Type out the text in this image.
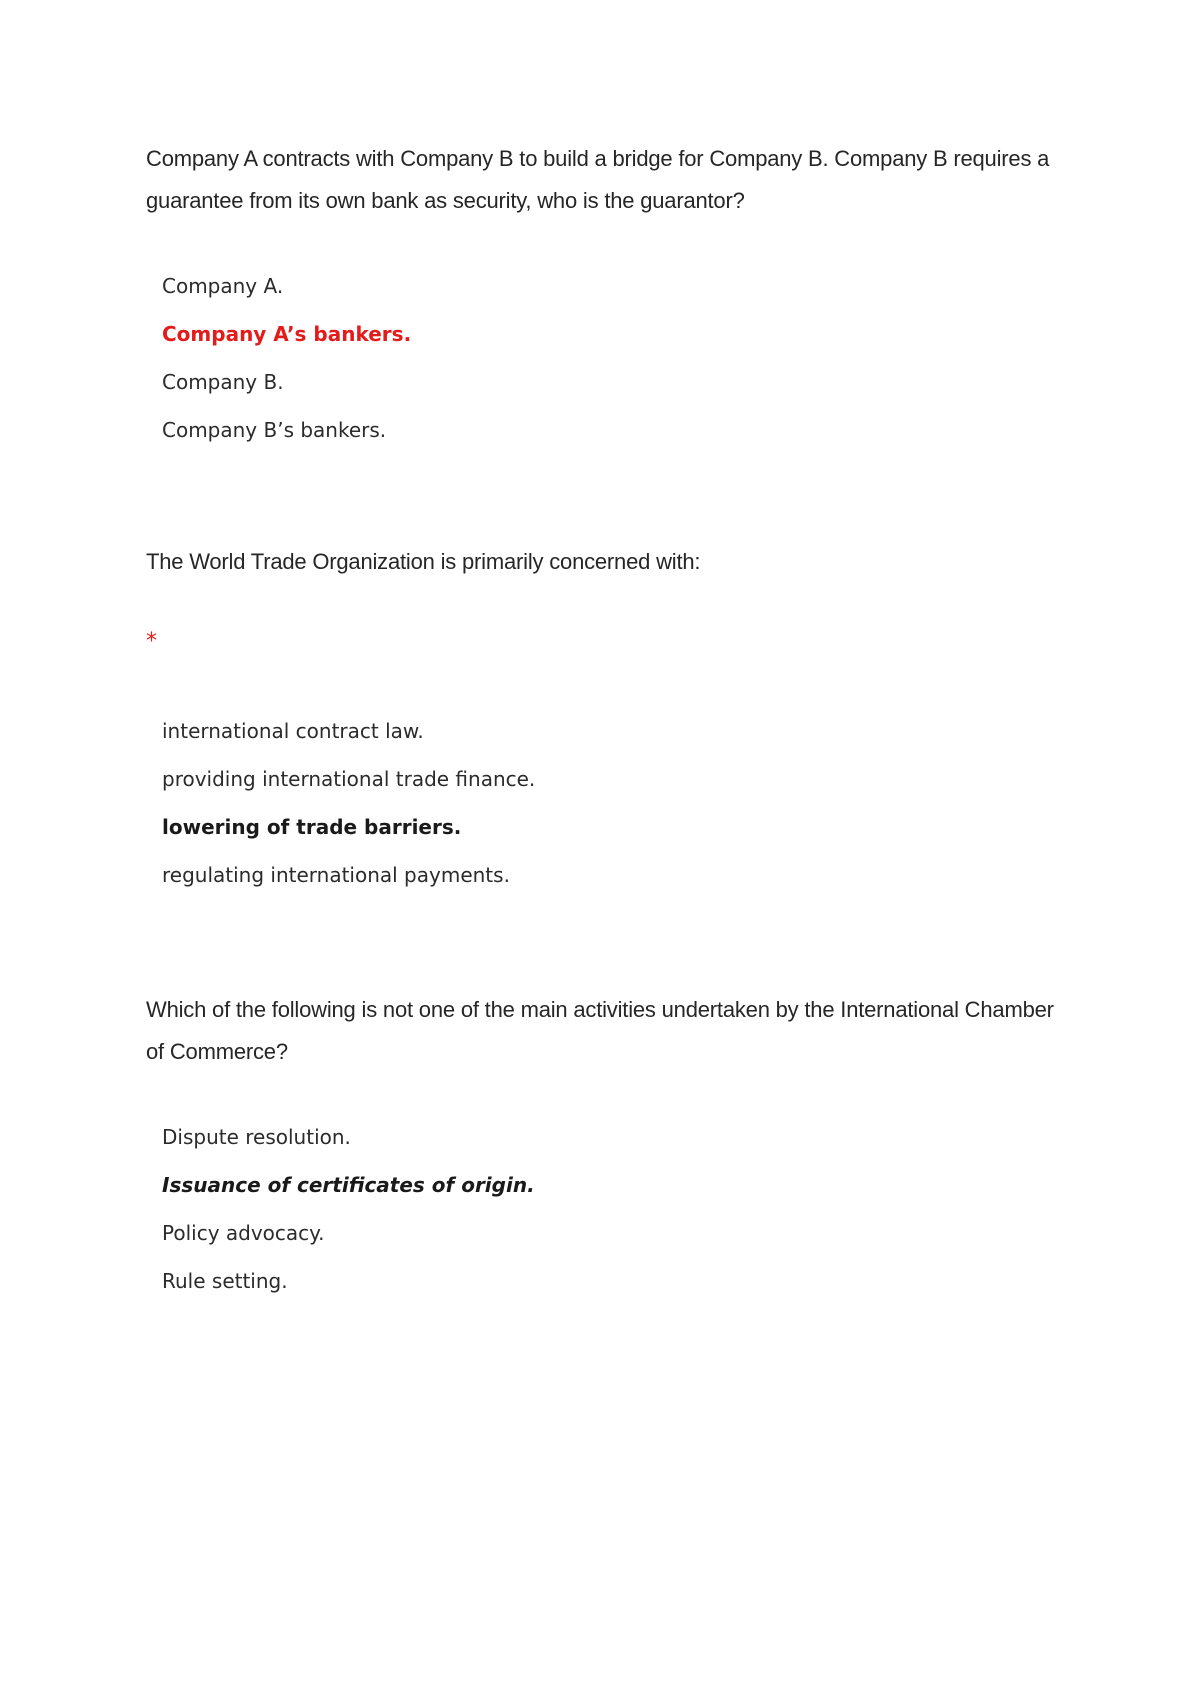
Company A contracts with Company B to build a bridge for Company B. Company B requires a guarantee from its own bank as security, who is the guarantor?

Company A.
Company A’s bankers.
Company B.
Company B’s bankers.

The World Trade Organization is primarily concerned with:

*
international contract law.
providing international trade finance.
lowering of trade barriers.
regulating international payments.

Which of the following is not one of the main activities undertaken by the International Chamber of Commerce?

Dispute resolution.
Issuance of certificates of origin.
Policy advocacy.
Rule setting.
